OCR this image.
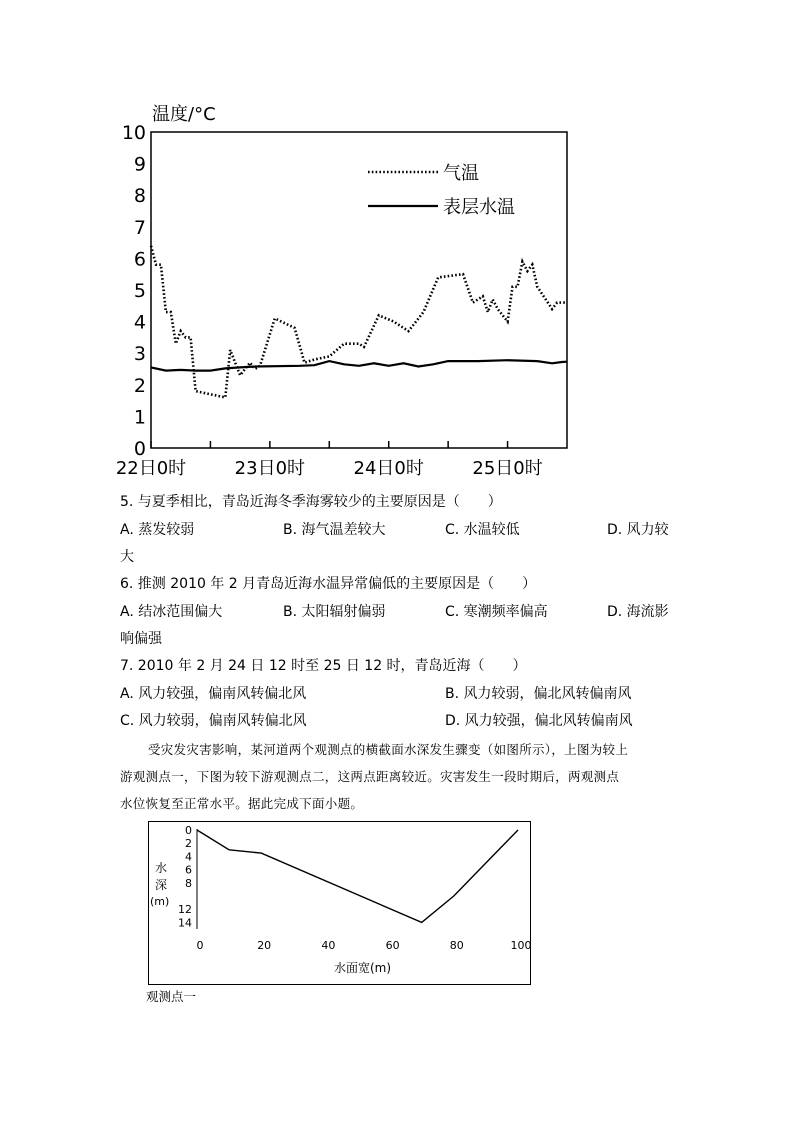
温度/°C
0
1
2
3
4
5
6
7
8
9
10
22日0时	23日0时	24日0时	25日0时
气温
表层水温
5. 与夏季相比，青岛近海冬季海雾较少的主要原因是（　　）
A. 蒸发较弱	B. 海气温差较大	C. 水温较低	D. 风力较
大
6. 推测 2010 年 2 月青岛近海水温异常偏低的主要原因是（　　）
A. 结冰范围偏大	B. 太阳辐射偏弱	C. 寒潮频率偏高	D. 海流影
响偏强
7. 2010 年 2 月 24 日 12 时至 25 日 12 时，青岛近海（　　）
A. 风力较强，偏南风转偏北风	B. 风力较弱，偏北风转偏南风
C. 风力较弱，偏南风转偏北风	D. 风力较强，偏北风转偏南风
受灾发灾害影响，某河道两个观测点的横截面水深发生骤变（如图所示），上图为较上
游观测点一，下图为较下游观测点二，这两点距离较近。灾害发生一段时期后，两观测点
水位恢复至正常水平。据此完成下面小题。
水
深
(m)
0
2
4
6
8
12
14
0	20	40	60	80	100
水面宽(m)
观测点一
